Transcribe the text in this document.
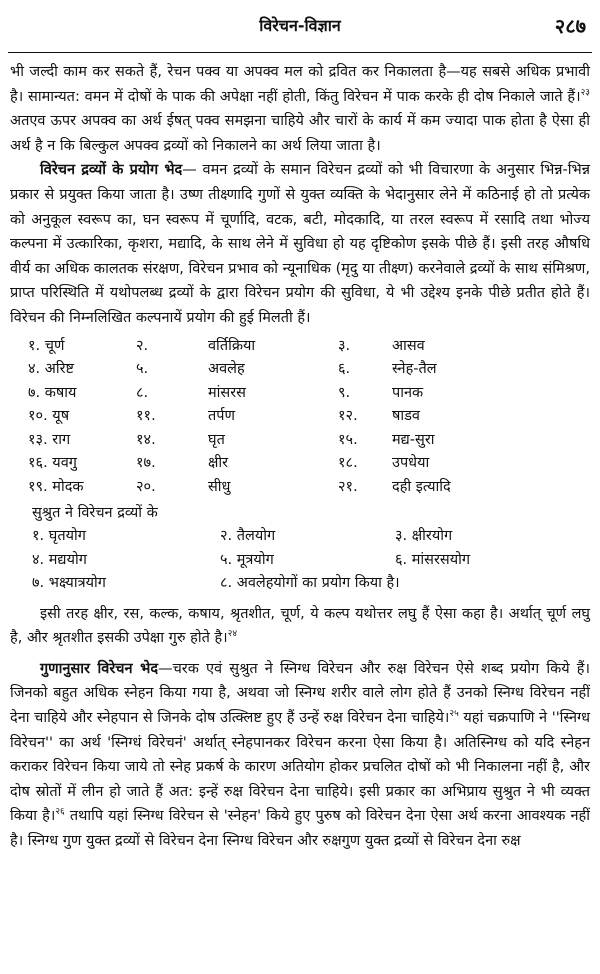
विरेचन-विज्ञान	२८७

भी जल्दी काम कर सकते हैं, रेचन पक्व या अपक्व मल को द्रवित कर निकालता है—यह सबसे अधिक प्रभावी है। सामान्यत: वमन में दोषों के पाक की अपेक्षा नहीं होती, किंतु विरेचन में पाक करके ही दोष निकाले जाते हैं।$^{२३}$ अतएव ऊपर अपक्व का अर्थ ईषत् पक्व समझना चाहिये और चारों के कार्य में कम ज्यादा पाक होता है ऐसा ही अर्थ है न कि बिल्कुल अपक्व द्रव्यों को निकालने का अर्थ लिया जाता है।

विरेचन द्रव्यों के प्रयोग भेद— वमन द्रव्यों के समान विरेचन द्रव्यों को भी विचारणा के अनुसार भिन्न-भिन्न प्रकार से प्रयुक्त किया जाता है। उष्ण तीक्ष्णादि गुणों से युक्त व्यक्ति के भेदानुसार लेने में कठिनाई हो तो प्रत्येक को अनुकूल स्वरूप का, घन स्वरूप में चूर्णादि, वटक, बटी, मोदकादि, या तरल स्वरूप में रसादि तथा भोज्य कल्पना में उत्कारिका, कृशरा, मद्यादि, के साथ लेने में सुविधा हो यह दृष्टिकोण इसके पीछे हैं। इसी तरह औषधि वीर्य का अधिक कालतक संरक्षण, विरेचन प्रभाव को न्यूनाधिक (मृदु या तीक्ष्ण) करनेवाले द्रव्यों के साथ संमिश्रण, प्राप्त परिस्थिति में यथोपलब्ध द्रव्यों के द्वारा विरेचन प्रयोग की सुविधा, ये भी उद्देश्य इनके पीछे प्रतीत होते हैं। विरेचन की निम्नलिखित कल्पनायें प्रयोग की हुई मिलती हैं।

१. चूर्ण	२.	वर्तिक्रिया	३.	आसव
४. अरिष्ट	५.	अवलेह	६.	स्नेह-तैल
७. कषाय	८.	मांसरस	९.	पानक
१०. यूष	११.	तर्पण	१२.	षाडव
१३. राग	१४.	घृत	१५.	मद्य-सुरा
१६. यवगु	१७.	क्षीर	१८.	उपधेया
१९. मोदक	२०.	सीधु	२१.	दही इत्यादि

सुश्रुत ने विरेचन द्रव्यों के

१. घृतयोग	२. तैलयोग	३. क्षीरयोग
४. मद्ययोग	५. मूत्रयोग	६. मांसरसयोग
७. भक्ष्यात्रयोग	८. अवलेहयोगों का प्रयोग किया है।

इसी तरह क्षीर, रस, कल्क, कषाय, श्रृतशीत, चूर्ण, ये कल्प यथोत्तर लघु हैं ऐसा कहा है। अर्थात् चूर्ण लघु है, और श्रृतशीत इसकी उपेक्षा गुरु होते है।$^{२४}$

गुणानुसार विरेचन भेद—चरक एवं सुश्रुत ने स्निग्ध विरेचन और रुक्ष विरेचन ऐसे शब्द प्रयोग किये हैं। जिनको बहुत अधिक स्नेहन किया गया है, अथवा जो स्निग्ध शरीर वाले लोग होते हैं उनको स्निग्ध विरेचन नहीं देना चाहिये और स्नेहपान से जिनके दोष उत्क्लिष्ट हुए हैं उन्हें रुक्ष विरेचन देना चाहिये।$^{२५}$ यहां चक्रपाणि ने ''स्निग्ध विरेचन'' का अर्थ 'स्निग्धं विरेचनं' अर्थात् स्नेहपानकर विरेचन करना ऐसा किया है। अतिस्निग्ध को यदि स्नेहन कराकर विरेचन किया जाये तो स्नेह प्रकर्ष के कारण अतियोग होकर प्रचलित दोषों को भी निकालना नहीं है, और दोष स्रोतों में लीन हो जाते हैं अत: इन्हें रुक्ष विरेचन देना चाहिये। इसी प्रकार का अभिप्राय सुश्रुत ने भी व्यक्त किया है।$^{२६}$ तथापि यहां स्निग्ध विरेचन से 'स्नेहन' किये हुए पुरुष को विरेचन देना ऐसा अर्थ करना आवश्यक नहीं है। स्निग्ध गुण युक्त द्रव्यों से विरेचन देना स्निग्ध विरेचन और रुक्षगुण युक्त द्रव्यों से विरेचन देना रुक्ष
